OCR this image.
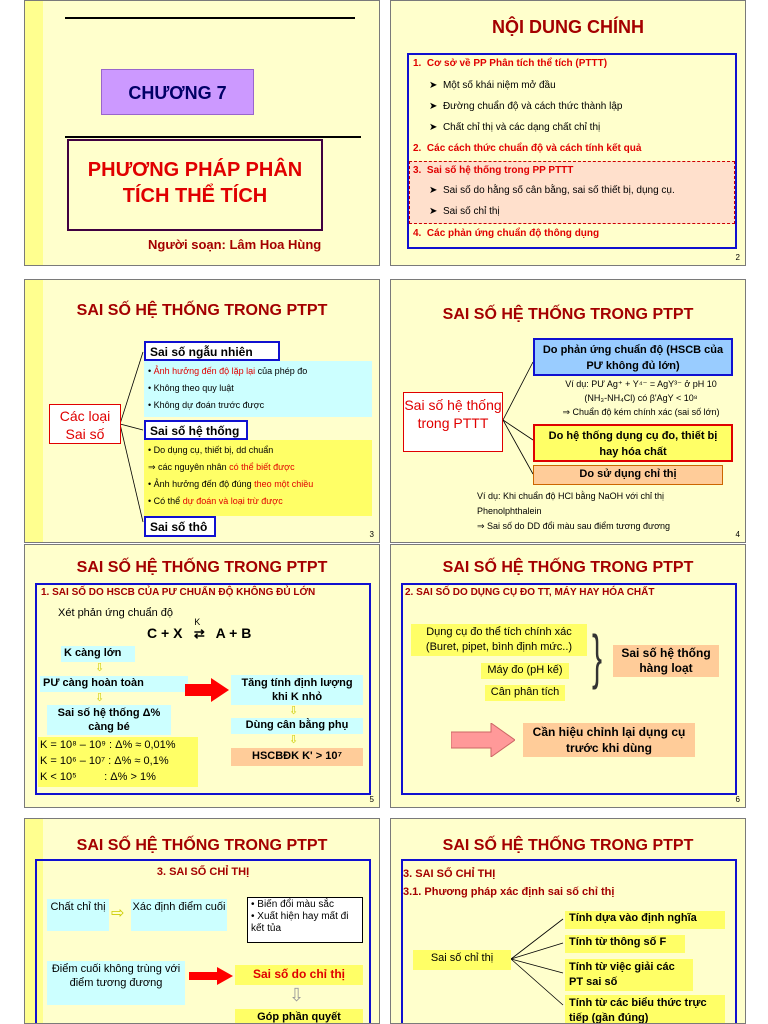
CHƯƠNG 7
PHƯƠNG PHÁP PHÂN TÍCH THỂ TÍCH
Người soạn: Lâm Hoa Hùng
NỘI DUNG CHÍNH
1. Cơ sở về PP Phân tích thể tích (PTTT)
➤  Một số khái niệm mở đầu
➤  Đường chuẩn độ và cách thức thành lập
➤  Chất chỉ thị và các dạng chất chỉ thị
2. Các cách thức chuẩn độ và cách tính kết quả
3. Sai số hệ thống trong PP PTTT
➤  Sai số do hằng số cân bằng, sai số thiết bị, dụng cụ.
➤  Sai số chỉ thị
4. Các phản ứng chuẩn độ thông dụng
2
SAI SỐ HỆ THỐNG TRONG PTPT
Các loại Sai số
Sai số ngẫu nhiên
• Ảnh hưởng đến độ lặp lại của phép đo
• Không theo quy luật
• Không dự đoán trước được
Sai số hệ thống
• Do dụng cụ, thiết bị, dd chuẩn
⇒ các nguyên nhân có thể biết được
• Ảnh hưởng đến độ đúng theo một chiều
• Có thể dự đoán và loại trừ được
Sai số thô
3
SAI SỐ HỆ THỐNG TRONG PTPT
Sai số hệ thống trong PTTT
Do phản ứng chuẩn độ (HSCB của PƯ không đủ lớn)
Ví dụ: PƯ Ag⁺ + Y⁴⁻ = AgY³⁻ ở pH 10
(NH₃-NH₄Cl) có β'AgY < 10⁸
⇒ Chuẩn độ kém chính xác (sai số lớn)
Do hệ thống dụng cụ đo, thiết bị hay hóa chất
Do sử dụng chỉ thị
Ví dụ: Khi chuẩn độ HCl bằng NaOH với chỉ thị
Phenolphthalein
⇒ Sai số do DD đổi màu sau điểm tương đương
4
SAI SỐ HỆ THỐNG TRONG PTPT
1. SAI SỐ DO HSCB CỦA PƯ CHUẨN ĐỘ KHÔNG ĐỦ LỚN
Xét phản ứng chuẩn độ
C + X ⇄
K
A + B
K càng lớn
⇩
PƯ càng hoàn toàn
⇩
Sai số hệ thống Δ% càng bé
K = 10⁸ – 10⁹ : Δ% ≈ 0,01%
K = 10⁶ – 10⁷ : Δ% ≈ 0,1%
K < 10⁵         : Δ% > 1%
Tăng tính định lượng khi K nhỏ
⇩
Dùng cân bằng phụ
⇩
HSCBĐK K' > 10⁷
5
SAI SỐ HỆ THỐNG TRONG PTPT
2. SAI SỐ DO DỤNG CỤ ĐO TT, MÁY HAY HÓA CHẤT
Dụng cụ đo thể tích chính xác (Buret, pipet, bình định mức..)
Máy đo (pH kế)
Cân phân tích
}	Sai số hệ thống hàng loạt
Cần hiệu chỉnh lại dụng cụ trước khi dùng
6
SAI SỐ HỆ THỐNG TRONG PTPT
3. SAI SỐ CHỈ THỊ
Chất chỉ thị ⇨ Xác định điểm cuối	• Biến đổi màu sắc
• Xuất hiện hay mất đi kết tủa
Điểm cuối không trùng với điểm tương đương
Sai số do chỉ thị
⇩
Góp phần quyết
SAI SỐ HỆ THỐNG TRONG PTPT
3. SAI SỐ CHỈ THỊ
3.1. Phương pháp xác định sai số chỉ thị
Sai số chỉ thị
Tính dựa vào định nghĩa
Tính từ thông số F
Tính từ việc giải các PT sai số
Tính từ các biểu thức trực tiếp (gần đúng)
